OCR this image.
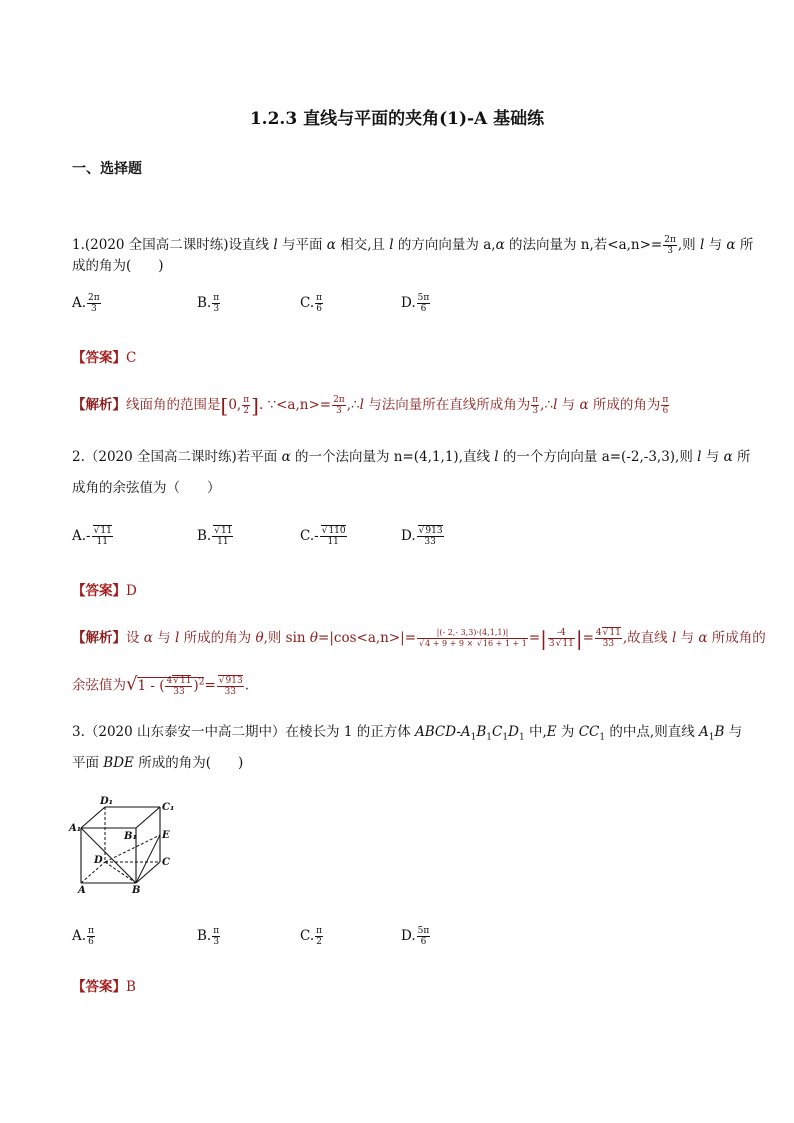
1.2.3 直线与平面的夹角(1)-A 基础练
一、选择题
1.(2020 全国高二课时练)设直线 l 与平面 α 相交,且 l 的方向向量为 a,α 的法向量为 n,若$<a,n>= \frac{2\pi}{3}$ ,则 l 与 α 所
成的角为(　　)
A. $\frac{2\pi}{3}$	B. $\frac{\pi}{3}$	C. $\frac{\pi}{6}$	D. $\frac{5\pi}{6}$
【答案】C
【解析】线面角的范围是[0, $\frac{\pi}{2}$ ]. ∵<a,n>= $\frac{2\pi}{3}$ ,∴l 与法向量所在直线所成角为 $\frac{\pi}{3}$ ,∴l 与 α 所成的角为 $\frac{\pi}{6}$
2.（2020 全国高二课时练)若平面 α 的一个法向量为 n=(4,1,1),直线 l 的一个方向向量 a=(-2,-3,3),则 l 与 α 所
成角的余弦值为（　　）
A.- √ $\frac{11}{11}$	B. √ $\frac{11}{11}$	C.- √ $\frac{110}{11}$	D. √ $\frac{913}{33}$
【答案】D
【解析】设 α 与 l 所成的角为 θ,则 sin θ=|cos<a,n>|= |(- 2,- 3,3)·(4,1,1)|
√ 4 + 9 + 9 × √ 16 + 1 + 1 =| $\frac{-4}{3 √ 11}$ |= $\frac{4 √ 11}{33}$ ,故直线 l 与 α 所成角的
余弦值为√1 - ( $\frac{4 √ 11}{33} )^2=$ √ $\frac{913}{33}$ .
3.（2020 山东泰安一中高二期中）在棱长为 1 的正方体 ABCD-$A_1B_1C_1D_1$ 中,E 为 $CC_1$ 的中点,则直线 $A_1B$ 与
平面 BDE 所成的角为(　　)
D₁
C₁
A₁
B₁	E
D	C
A	B
A. $\frac{\pi}{6}$	B. $\frac{\pi}{3}$	C. $\frac{\pi}{2}$	D. $\frac{5\pi}{6}$
【答案】B
